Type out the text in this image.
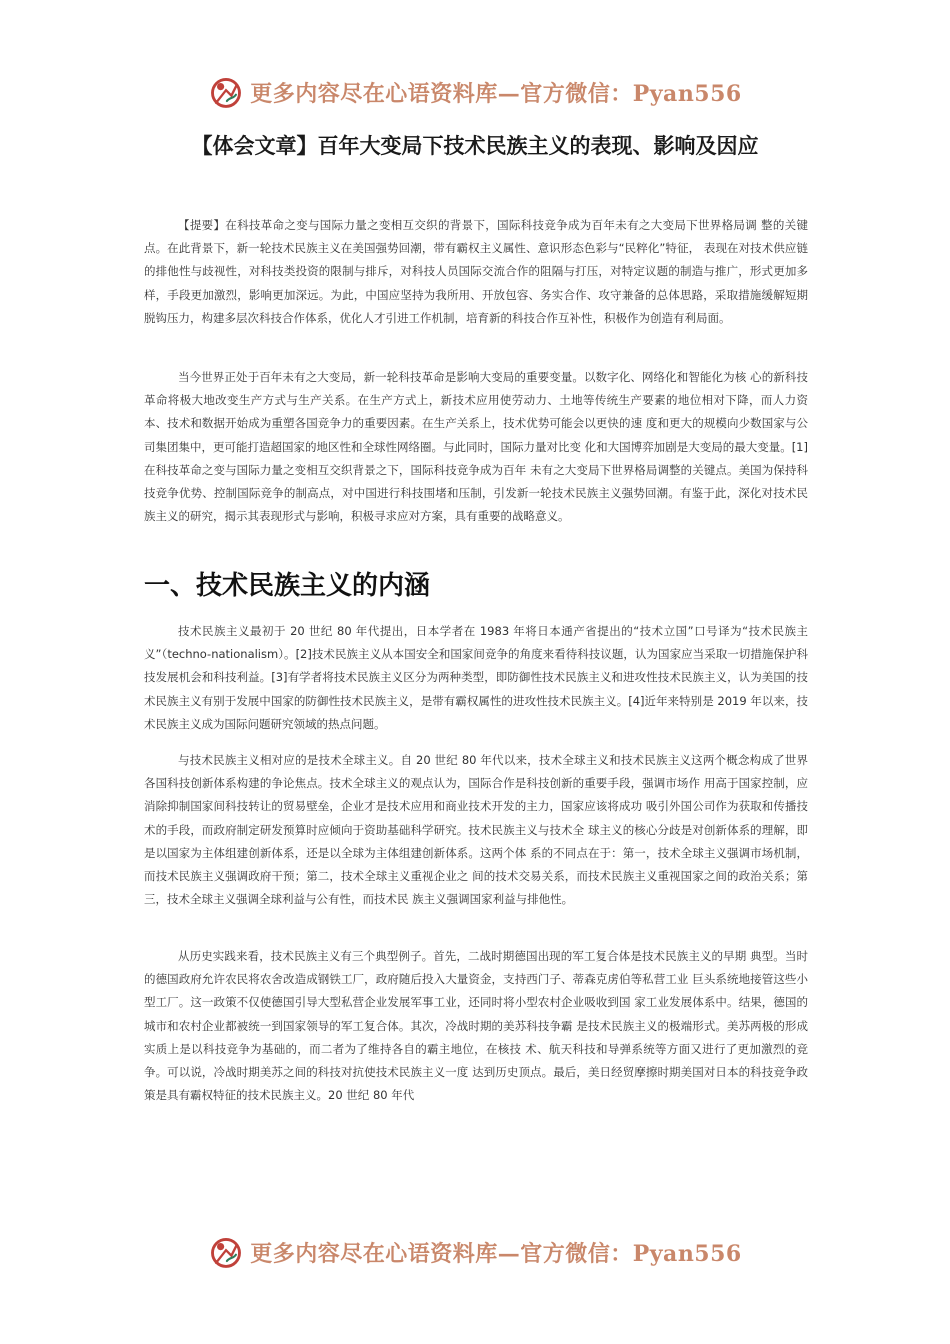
更多内容尽在心语资料库—官方微信：Pyan556
【体会文章】百年大变局下技术民族主义的表现、影响及因应

【提要】在科技革命之变与国际力量之变相互交织的背景下，国际科技竞争成为百年未有之大变局下世界格局调 整的关键点。在此背景下，新一轮技术民族主义在美国强势回潮，带有霸权主义属性、意识形态色彩与“民粹化”特征， 表现在对技术供应链的排他性与歧视性，对科技类投资的限制与排斥，对科技人员国际交流合作的阻隔与打压，对特定议题的制造与推广，形式更加多样，手段更加激烈，影响更加深远。为此，中国应坚持为我所用、开放包容、务实合作、攻守兼备的总体思路，采取措施缓解短期脱钩压力，构建多层次科技合作体系，优化人才引进工作机制，培育新的科技合作互补性，积极作为创造有利局面。

当今世界正处于百年未有之大变局，新一轮科技革命是影响大变局的重要变量。以数字化、网络化和智能化为核 心的新科技革命将极大地改变生产方式与生产关系。在生产方式上，新技术应用使劳动力、土地等传统生产要素的地位相对下降，而人力资本、技术和数据开始成为重塑各国竞争力的重要因素。在生产关系上，技术优势可能会以更快的速 度和更大的规模向少数国家与公司集团集中，更可能打造超国家的地区性和全球性网络圈。与此同时，国际力量对比变 化和大国博弈加剧是大变局的最大变量。[1]在科技革命之变与国际力量之变相互交织背景之下，国际科技竞争成为百年 未有之大变局下世界格局调整的关键点。美国为保持科技竞争优势、控制国际竞争的制高点，对中国进行科技围堵和压制，引发新一轮技术民族主义强势回潮。有鉴于此，深化对技术民族主义的研究，揭示其表现形式与影响，积极寻求应对方案，具有重要的战略意义。

一、技术民族主义的内涵

技术民族主义最初于 20 世纪 80 年代提出，日本学者在 1983 年将日本通产省提出的“技术立国”口号译为“技术民族主义”（techno-nationalism）。[2]技术民族主义从本国安全和国家间竞争的角度来看待科技议题，认为国家应当采取一切措施保护科技发展机会和科技利益。[3]有学者将技术民族主义区分为两种类型，即防御性技术民族主义和进攻性技术民族主义，认为美国的技术民族主义有别于发展中国家的防御性技术民族主义，是带有霸权属性的进攻性技术民族主义。[4]近年来特别是 2019 年以来，技术民族主义成为国际问题研究领域的热点问题。

与技术民族主义相对应的是技术全球主义。自 20 世纪 80 年代以来，技术全球主义和技术民族主义这两个概念构成了世界各国科技创新体系构建的争论焦点。技术全球主义的观点认为，国际合作是科技创新的重要手段，强调市场作 用高于国家控制，应消除抑制国家间科技转让的贸易壁垒，企业才是技术应用和商业技术开发的主力，国家应该将成功 吸引外国公司作为获取和传播技术的手段，而政府制定研发预算时应倾向于资助基础科学研究。技术民族主义与技术全 球主义的核心分歧是对创新体系的理解，即是以国家为主体组建创新体系，还是以全球为主体组建创新体系。这两个体 系的不同点在于：第一，技术全球主义强调市场机制，而技术民族主义强调政府干预；第二，技术全球主义重视企业之 间的技术交易关系，而技术民族主义重视国家之间的政治关系；第三，技术全球主义强调全球利益与公有性，而技术民 族主义强调国家利益与排他性。

从历史实践来看，技术民族主义有三个典型例子。首先，二战时期德国出现的军工复合体是技术民族主义的早期 典型。当时的德国政府允许农民将农舍改造成钢铁工厂，政府随后投入大量资金，支持西门子、蒂森克虏伯等私营工业 巨头系统地接管这些小型工厂。这一政策不仅使德国引导大型私营企业发展军事工业，还同时将小型农村企业吸收到国 家工业发展体系中。结果，德国的城市和农村企业都被统一到国家领导的军工复合体。其次，冷战时期的美苏科技争霸 是技术民族主义的极端形式。美苏两极的形成实质上是以科技竞争为基础的，而二者为了维持各自的霸主地位，在核技 术、航天科技和导弹系统等方面又进行了更加激烈的竞争。可以说，冷战时期美苏之间的科技对抗使技术民族主义一度 达到历史顶点。最后，美日经贸摩擦时期美国对日本的科技竞争政策是具有霸权特征的技术民族主义。20 世纪 80 年代

更多内容尽在心语资料库—官方微信：Pyan556
